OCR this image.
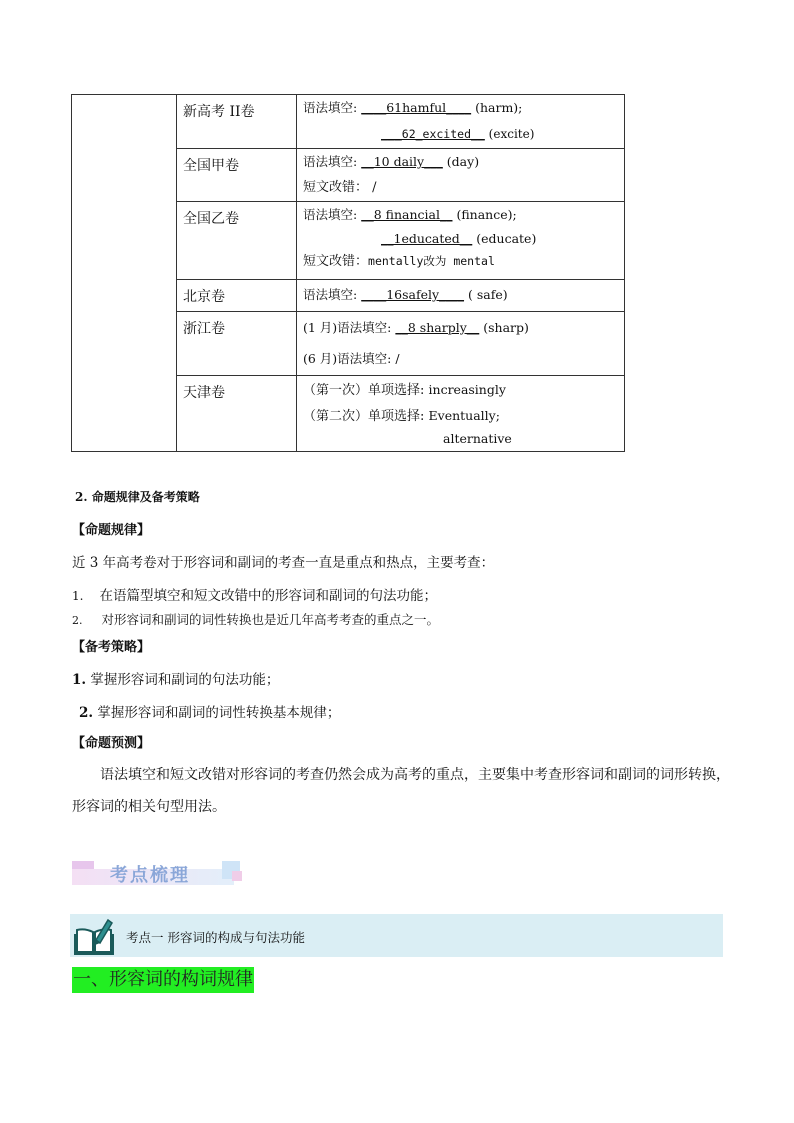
	新高考 II卷	语法填空: ____61hamful____ (harm);
___62_excited__ (excite)

	全国甲卷	语法填空: __10 daily___ (day)
短文改错： /

	全国乙卷	语法填空: __8 financial__ (finance);
__1educated__ (educate)
短文改错：mentally改为 mental

	北京卷	语法填空: ____16safely____ ( safe)

	浙江卷	(1 月)语法填空: __8 sharply__ (sharp)
(6 月)语法填空: /

	天津卷	（第一次）单项选择: increasingly
（第二次）单项选择: Eventually;
alternative
2. 命题规律及备考策略
【命题规律】
近 3 年高考卷对于形容词和副词的考查一直是重点和热点，主要考查：
1. 在语篇型填空和短文改错中的形容词和副词的句法功能；
2. 对形容词和副词的词性转换也是近几年高考考查的重点之一。
【备考策略】
1. 掌握形容词和副词的句法功能；
2. 掌握形容词和副词的词性转换基本规律；
【命题预测】
语法填空和短文改错对形容词的考查仍然会成为高考的重点，主要集中考查形容词和副词的词形转换，
形容词的相关句型用法。
考点梳理
考点一 形容词的构成与句法功能
一、形容词的构词规律
